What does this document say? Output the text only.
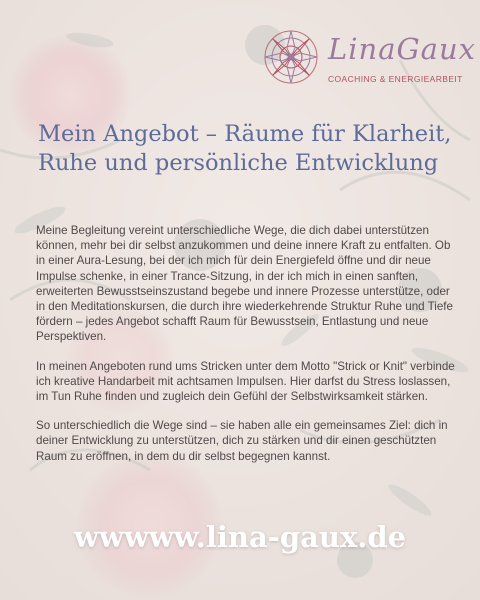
LinaGaux
COACHING & ENERGIEARBEIT
Mein Angebot – Räume für Klarheit, Ruhe und persönliche Entwicklung

Meine Begleitung vereint unterschiedliche Wege, die dich dabei unterstützen können, mehr bei dir selbst anzukommen und deine innere Kraft zu entfalten. Ob in einer Aura-Lesung, bei der ich mich für dein Energiefeld öffne und dir neue Impulse schenke, in einer Trance-Sitzung, in der ich mich in einen sanften, erweiterten Bewusstseinszustand begebe und innere Prozesse unterstütze, oder in den Meditationskursen, die durch ihre wiederkehrende Struktur Ruhe und Tiefe fördern – jedes Angebot schafft Raum für Bewusstsein, Entlastung und neue Perspektiven.

In meinen Angeboten rund ums Stricken unter dem Motto "Strick or Knit" verbinde ich kreative Handarbeit mit achtsamen Impulsen. Hier darfst du Stress loslassen, im Tun Ruhe finden und zugleich dein Gefühl der Selbstwirksamkeit stärken.

So unterschiedlich die Wege sind – sie haben alle ein gemeinsames Ziel: dich in deiner Entwicklung zu unterstützen, dich zu stärken und dir einen geschützten Raum zu eröffnen, in dem du dir selbst begegnen kannst.

wwwww.lina-gaux.de
